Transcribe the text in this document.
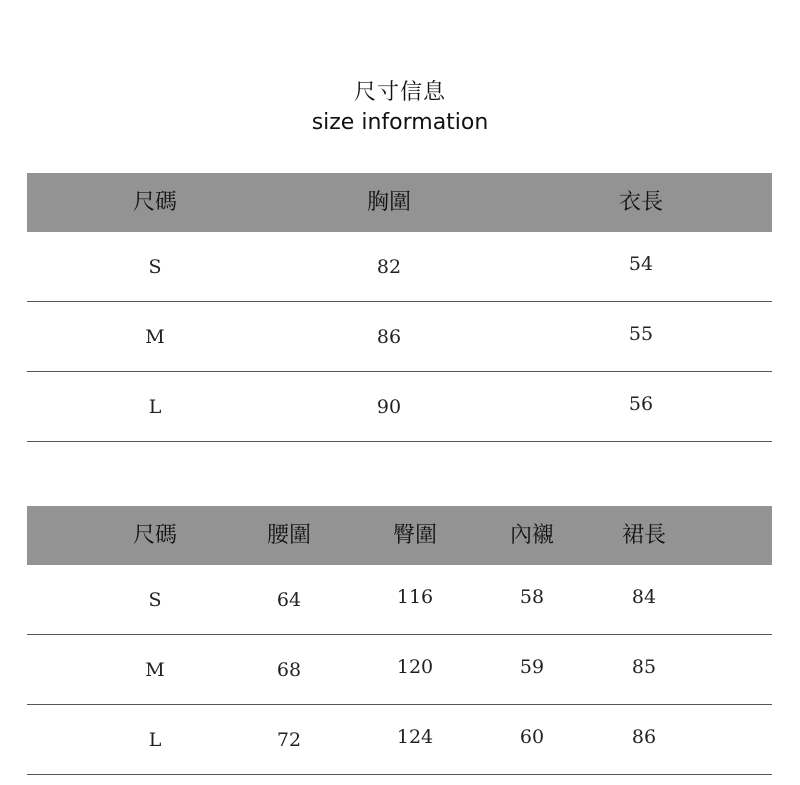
尺寸信息
size information
尺碼	胸圍	衣長
S	82	54
M	86	55
L	90	56
尺碼	腰圍	臀圍	內襯	裙長
S	64	116	58	84
M	68	120	59	85
L	72	124	60	86
